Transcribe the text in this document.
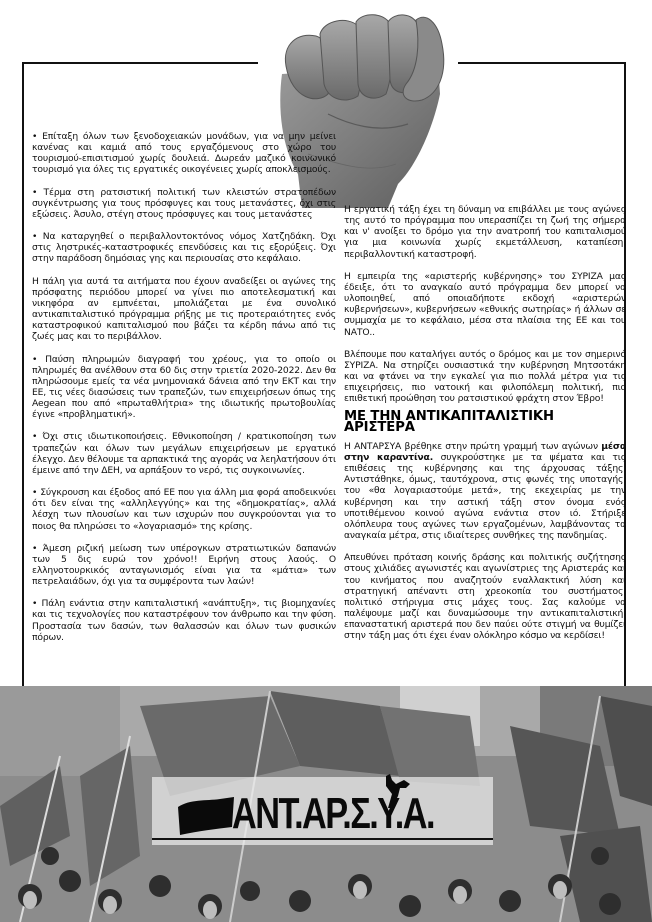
• Επίταξη όλων των ξενοδοχειακών μονάδων, για να μην μείνει κανένας και καμιά από τους εργαζόμενους στο χώρο του τουρισμού-επισιτισμού χωρίς δουλειά. Δωρεάν μαζικό κοινωνικό τουρισμό για όλες τις εργατικές οικογένειες χωρίς αποκλεισμούς.

• Τέρμα στη ρατσιστική πολιτική των κλειστών στρατοπέδων συγκέντρωσης για τους πρόσφυγες και τους μετανάστες, όχι στις εξώσεις. Άσυλο, στέγη στους πρόσφυγες και τους μετανάστες

• Να καταργηθεί ο περιβαλλοντοκτόνος νόμος Χατζηδάκη. Όχι στις ληστρικές-καταστροφικές επενδύσεις και τις εξορύξεις. Όχι στην παράδοση δημόσιας γης και περιουσίας στο κεφάλαιο.

Η πάλη για αυτά τα αιτήματα που έχουν αναδείξει οι αγώνες της πρόσφατης περιόδου μπορεί να γίνει πιο αποτελεσματική και νικηφόρα αν εμπνέεται, μπολιάζεται με ένα συνολικό αντικαπιταλιστικό πρόγραμμα ρήξης με τις προτεραιότητες ενός καταστροφικού καπιταλισμού που βάζει τα κέρδη πάνω από τις ζωές μας και το περιβάλλον.

• Παύση πληρωμών διαγραφή του χρέους, για το οποίο οι πληρωμές θα ανέλθουν στα 60 δις στην τριετία 2020-2022. Δεν θα πληρώσουμε εμείς τα νέα μνημονιακά δάνεια από την ΕΚΤ και την ΕΕ, τις νέες διασώσεις των τραπεζών, των επιχειρήσεων όπως της Aegean που από «πρωταθλήτρια» της ιδιωτικής πρωτοβουλίας έγινε «προβληματική».

• Όχι στις ιδιωτικοποιήσεις. Εθνικοποίηση / κρατικοποίηση των τραπεζών και όλων των μεγάλων επιχειρήσεων με εργατικό έλεγχο. Δεν θέλουμε τα αρπακτικά της αγοράς να λεηλατήσουν ότι έμεινε από την ΔΕΗ, να αρπάξουν το νερό, τις συγκοινωνίες.

• Σύγκρουση και έξοδος από ΕΕ που για άλλη μια φορά αποδεικνύει ότι δεν είναι της «αλληλεγγύης» και της «δημοκρατίας», αλλά λέσχη των πλουσίων και των ισχυρών που συγκρούονται για το ποιος θα πληρώσει το «λογαριασμό» της κρίσης.

• Άμεση ριζική μείωση των υπέρογκων στρατιωτικών δαπανών των 5 δις ευρώ τον χρόνο!! Ειρήνη στους λαούς. Ο ελληνοτουρκικός ανταγωνισμός είναι για τα «μάτια» των πετρελαιάδων, όχι για τα συμφέροντα των λαών!

• Πάλη ενάντια στην καπιταλιστική «ανάπτυξη», τις βιομηχανίες και τις τεχνολογίες που καταστρέφουν τον άνθρωπο και την φύση. Προστασία των δασών, των θαλασσών και όλων των φυσικών πόρων.

Η εργατική τάξη έχει τη δύναμη να επιβάλλει με τους αγώνες της αυτό το πρόγραμμα που υπερασπίζει τη ζωή της σήμερα και ν' ανοίξει το δρόμο για την ανατροπή του καπιταλισμού για μια κοινωνία χωρίς εκμετάλλευση, καταπίεση, περιβαλλοντική καταστροφή.

Η εμπειρία της «αριστερής κυβέρνησης» του ΣΥΡΙΖΑ μας έδειξε, ότι το αναγκαίο αυτό πρόγραμμα δεν μπορεί να υλοποιηθεί, από οποιαδήποτε εκδοχή «αριστερών κυβερνήσεων», κυβερνήσεων «εθνικής σωτηρίας» ή άλλων σε συμμαχία με το κεφάλαιο, μέσα στα πλαίσια της ΕΕ και του ΝΑΤΟ..

Βλέπουμε που καταλήγει αυτός ο δρόμος και με τον σημερινό ΣΥΡΙΖΑ. Να στηρίζει ουσιαστικά την κυβέρνηση Μητσοτάκη και να φτάνει να την εγκαλεί για πιο πολλά μέτρα για τις επιχειρήσεις, πιο νατοική και φιλοπόλεμη πολιτική, πιο επιθετική προώθηση του ρατσιστικού φράχτη στον Έβρο!

ΜΕ ΤΗΝ ΑΝΤΙΚΑΠΙΤΑΛΙΣΤΙΚΗ ΑΡΙΣΤΕΡΑ

Η ΑΝΤΑΡΣΥΑ βρέθηκε στην πρώτη γραμμή των αγώνων μέσα στην καραντίνα. συγκρούστηκε με τα ψέματα και τις επιθέσεις της κυβέρνησης και της άρχουσας τάξης. Αντιστάθηκε, όμως, ταυτόχρονα, στις φωνές της υποταγής, του «θα λογαριαστούμε μετά», της εκεχειρίας με την κυβέρνηση και την αστική τάξη στον όνομα ενός υποτιθέμενου κοινού αγώνα ενάντια στον ιό. Στήριξε ολόπλευρα τους αγώνες των εργαζομένων, λαμβάνοντας τα αναγκαία μέτρα, στις ιδιαίτερες συνθήκες της πανδημίας.

Απευθύνει πρόταση κοινής δράσης και πολιτικής συζήτησης στους χιλιάδες αγωνιστές και αγωνίστριες της Αριστεράς και του κινήματος που αναζητούν εναλλακτική λύση και στρατηγική απέναντι στη χρεοκοπία του συστήματος, πολιτικό στήριγμα στις μάχες τους. Σας καλούμε να παλέψουμε μαζί και δυναμώσουμε την αντικαπιταλιστική, επαναστατική αριστερά που δεν παύει ούτε στιγμή να θυμίζει στην τάξη μας ότι έχει έναν ολόκληρο κόσμο να κερδίσει!

ΑΝΤ.ΑΡ.Σ.Υ.Α.
